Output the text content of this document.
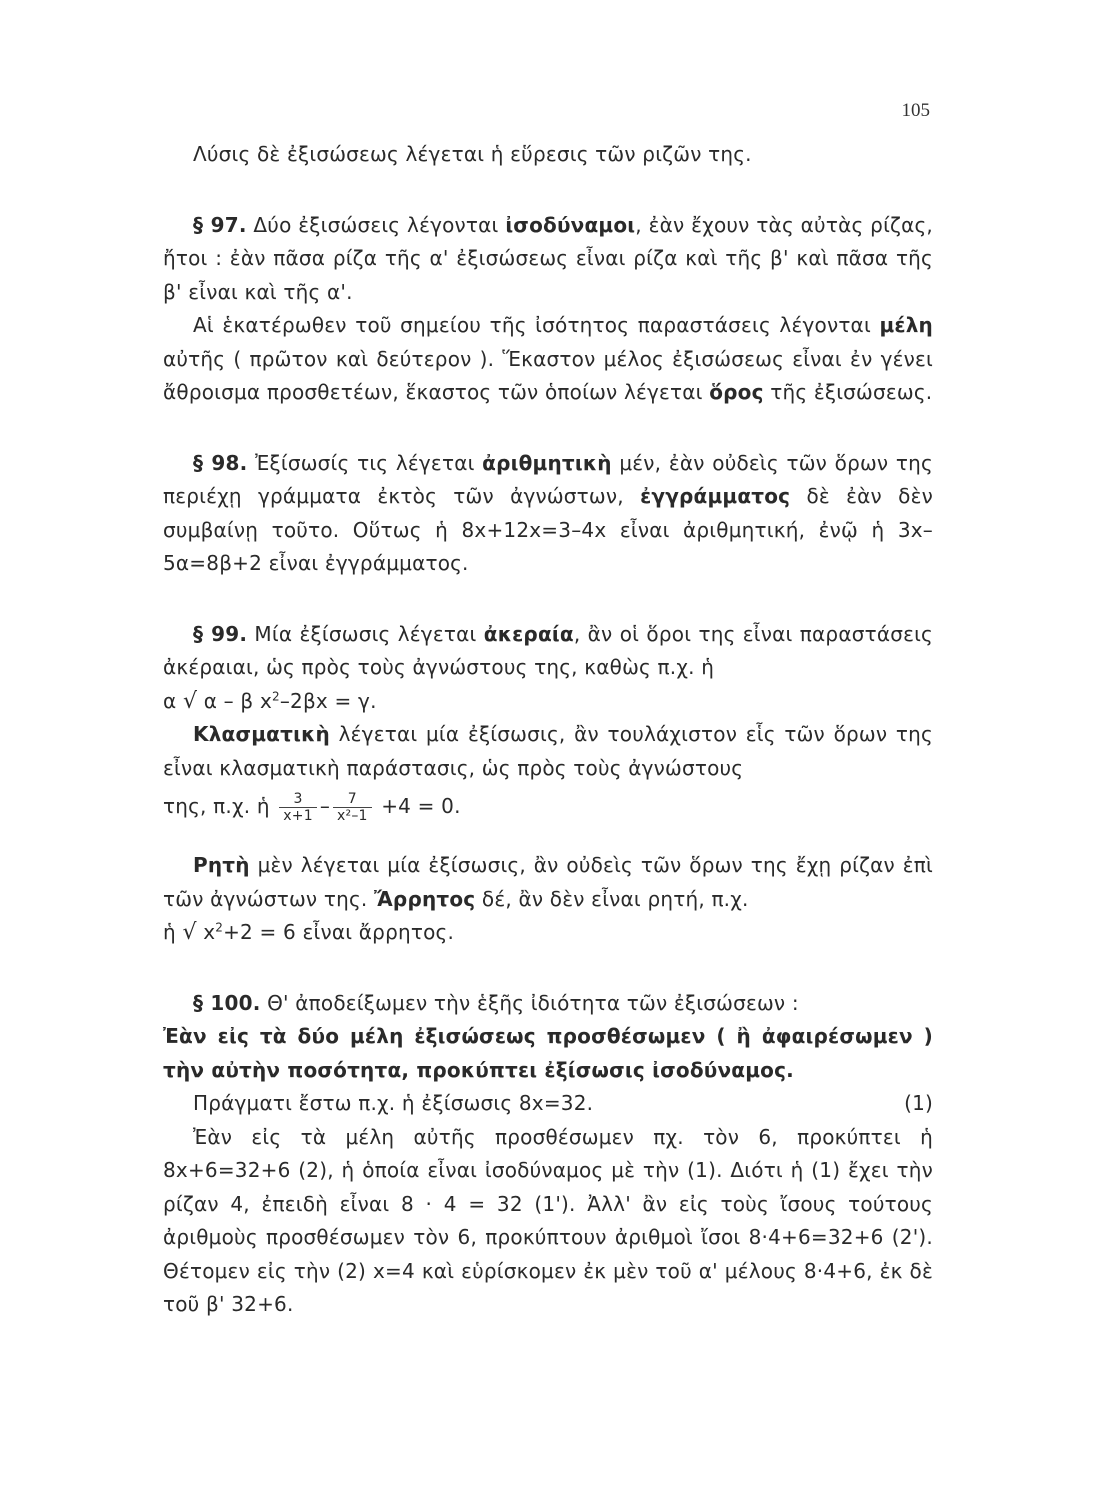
105

Λύσις δὲ ἐξισώσεως λέγεται ἡ εὕρεσις τῶν ριζῶν της.

§ 97. Δύο ἐξισώσεις λέγονται ἰσοδύναμοι, ἐὰν ἔχουν τὰς αὐτὰς ρίζας, ἤτοι : ἐὰν πᾶσα ρίζα τῆς α' ἐξισώσεως εἶναι ρίζα καὶ τῆς β' καὶ πᾶσα τῆς β' εἶναι καὶ τῆς α'.

Αἱ ἑκατέρωθεν τοῦ σημείου τῆς ἰσότητος παραστάσεις λέγονται μέλη αὐτῆς ( πρῶτον καὶ δεύτερον ). Ἕκαστον μέλος ἐξισώσεως εἶναι ἐν γένει ἄθροισμα προσθετέων, ἕκαστος τῶν ὁποίων λέγεται ὅρος τῆς ἐξισώσεως.

§ 98. Ἐξίσωσίς τις λέγεται ἀριθμητικὴ μέν, ἐὰν οὐδεὶς τῶν ὅρων της περιέχῃ γράμματα ἐκτὸς τῶν ἀγνώστων, ἐγγράμματος δὲ ἐὰν δὲν συμβαίνῃ τοῦτο. Οὕτως ἡ 8x+12x=3–4x εἶναι ἀριθμητική, ἐνῷ ἡ 3x–5α=8β+2 εἶναι ἐγγράμματος.

§ 99. Μία ἐξίσωσις λέγεται ἀκεραία, ἂν οἱ ὅροι της εἶναι παραστάσεις ἀκέραιαι, ὡς πρὸς τοὺς ἀγνώστους της, καθὼς π.χ. ἡ

α √ α – β $x^2-2\beta x = \gamma$.

Κλασματικὴ λέγεται μία ἐξίσωσις, ἂν τουλάχιστον εἷς τῶν ὅρων της εἶναι κλασματικὴ παράστασις, ὡς πρὸς τοὺς ἀγνώστους

της, π.χ. ἡ $\frac{3}{x+1} - \frac{7}{\text{x²–1}} +4 = 0$.

Ρητὴ μὲν λέγεται μία ἐξίσωσις, ἂν οὐδεὶς τῶν ὅρων της ἔχῃ ρίζαν ἐπὶ τῶν ἀγνώστων της. Ἄρρητος δέ, ἂν δὲν εἶναι ρητή, π.χ.

ἡ √ $x^2+2 = 6$ εἶναι ἄρρητος.

§ 100. Θ' ἀποδείξωμεν τὴν ἑξῆς ἰδιότητα τῶν ἐξισώσεων :

Ἐὰν εἰς τὰ δύο μέλη ἐξισώσεως προσθέσωμεν ( ἢ ἀφαιρέσωμεν ) τὴν αὐτὴν ποσότητα, προκύπτει ἐξίσωσις ἰσοδύναμος.

Πράγματι ἔστω π.χ. ἡ ἐξίσωσις 8x=32.	(1)

Ἐὰν εἰς τὰ μέλη αὐτῆς προσθέσωμεν πχ. τὸν 6, προκύπτει ἡ 8x+6=32+6 (2), ἡ ὁποία εἶναι ἰσοδύναμος μὲ τὴν (1). Διότι ἡ (1) ἔχει τὴν ρίζαν 4, ἐπειδὴ εἶναι 8 · 4 = 32 (1'). Ἀλλ' ἂν εἰς τοὺς ἴσους τούτους ἀριθμοὺς προσθέσωμεν τὸν 6, προκύπτουν ἀριθμοὶ ἴσοι 8·4+6=32+6 (2'). Θέτομεν εἰς τὴν (2) x=4 καὶ εὑρίσκομεν ἐκ μὲν τοῦ α' μέλους 8·4+6, ἐκ δὲ τοῦ β' 32+6.
